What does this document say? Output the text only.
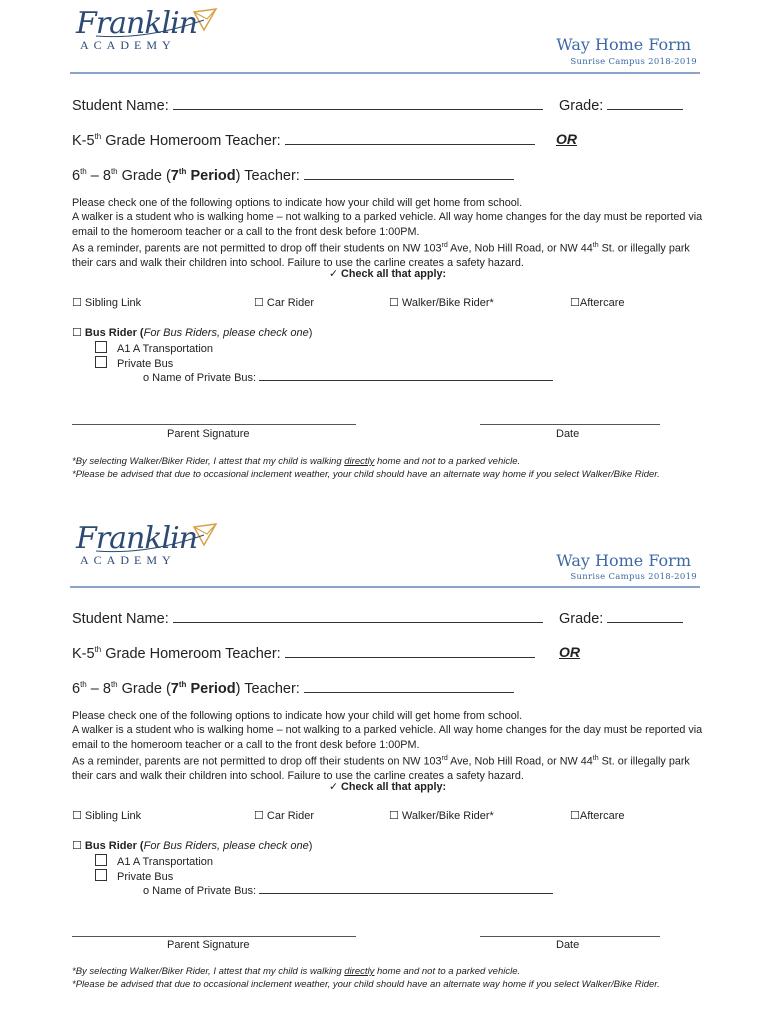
Franklin
ACADEMY	Way Home Form
Sunrise Campus 2018-2019
Student Name:	Grade:
K-5th Grade Homeroom Teacher:	OR
6th – 8th Grade (7th Period) Teacher:

Please check one of the following options to indicate how your child will get home from school.

A walker is a student who is walking home – not walking to a parked vehicle. All way home changes for the day must be reported via email to the homeroom teacher or a call to the front desk before 1:00PM.

As a reminder, parents are not permitted to drop off their students on NW 103rd Ave, Nob Hill Road, or NW 44th St. or illegally park their cars and walk their children into school. Failure to use the carline creates a safety hazard.

✓ Check all that apply:
☐ Sibling Link	☐ Car Rider	☐ Walker/Bike Rider*	☐Aftercare
☐ Bus Rider (For Bus Riders, please check one)
A1 A Transportation
Private Bus
o Name of Private Bus:
Parent Signature	Date

*By selecting Walker/Biker Rider, I attest that my child is walking directly home and not to a parked vehicle.

*Please be advised that due to occasional inclement weather, your child should have an alternate way home if you select Walker/Bike Rider.

Franklin
ACADEMY	Way Home Form
Sunrise Campus 2018-2019
Student Name:	Grade:
K-5th Grade Homeroom Teacher:	OR
6th – 8th Grade (7th Period) Teacher:

Please check one of the following options to indicate how your child will get home from school.

A walker is a student who is walking home – not walking to a parked vehicle. All way home changes for the day must be reported via email to the homeroom teacher or a call to the front desk before 1:00PM.

As a reminder, parents are not permitted to drop off their students on NW 103rd Ave, Nob Hill Road, or NW 44th St. or illegally park their cars and walk their children into school. Failure to use the carline creates a safety hazard.

✓ Check all that apply:
☐ Sibling Link	☐ Car Rider	☐ Walker/Bike Rider*	☐Aftercare
☐ Bus Rider (For Bus Riders, please check one)
A1 A Transportation
Private Bus
o Name of Private Bus:
Parent Signature	Date

*By selecting Walker/Biker Rider, I attest that my child is walking directly home and not to a parked vehicle.

*Please be advised that due to occasional inclement weather, your child should have an alternate way home if you select Walker/Bike Rider.
